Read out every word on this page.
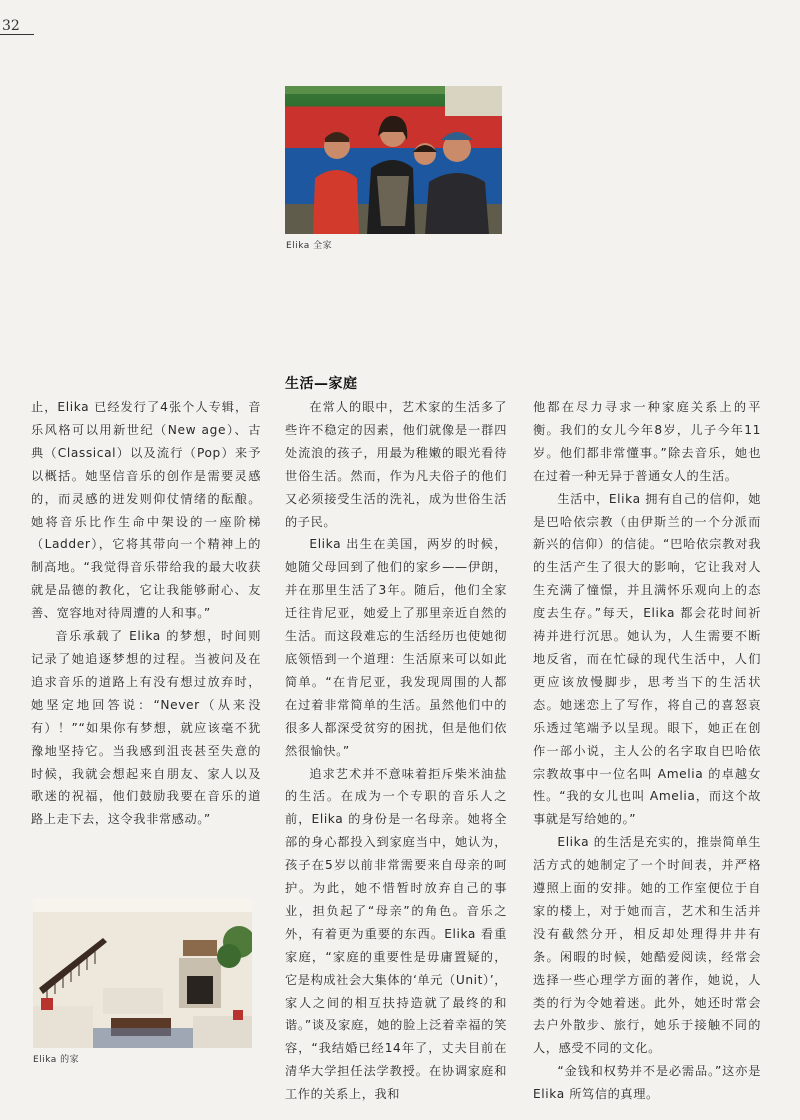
32
Elika 全家
生活—家庭

止，Elika 已经发行了4张个人专辑，音乐风格可以用新世纪（New age）、古典（Classical）以及流行（Pop）来予以概括。她坚信音乐的创作是需要灵感的，而灵感的迸发则仰仗情绪的酝酿。她将音乐比作生命中架设的一座阶梯（Ladder），它将其带向一个精神上的制高地。“我觉得音乐带给我的最大收获就是品德的教化，它让我能够耐心、友善、宽容地对待周遭的人和事。”

音乐承载了 Elika 的梦想，时间则记录了她追逐梦想的过程。当被问及在追求音乐的道路上有没有想过放弃时，她坚定地回答说：“Never（从来没有）！”“如果你有梦想，就应该毫不犹豫地坚持它。当我感到沮丧甚至失意的时候，我就会想起来自朋友、家人以及歌迷的祝福，他们鼓励我要在音乐的道路上走下去，这令我非常感动。”

在常人的眼中，艺术家的生活多了些许不稳定的因素，他们就像是一群四处流浪的孩子，用最为稚嫩的眼光看待世俗生活。然而，作为凡夫俗子的他们又必须接受生活的洗礼，成为世俗生活的子民。

Elika 出生在美国，两岁的时候，她随父母回到了他们的家乡——伊朗，并在那里生活了3年。随后，他们全家迁往肯尼亚，她爱上了那里亲近自然的生活。而这段难忘的生活经历也使她彻底领悟到一个道理：生活原来可以如此简单。“在肯尼亚，我发现周围的人都在过着非常简单的生活。虽然他们中的很多人都深受贫穷的困扰，但是他们依然很愉快。”

追求艺术并不意味着拒斥柴米油盐的生活。在成为一个专职的音乐人之前，Elika 的身份是一名母亲。她将全部的身心都投入到家庭当中，她认为，孩子在5岁以前非常需要来自母亲的呵护。为此，她不惜暂时放弃自己的事业，担负起了“母亲”的角色。音乐之外，有着更为重要的东西。Elika 看重家庭，“家庭的重要性是毋庸置疑的，它是构成社会大集体的‘单元（Unit）’，家人之间的相互扶持造就了最终的和谐。”谈及家庭，她的脸上泛着幸福的笑容，“我结婚已经14年了，丈夫目前在清华大学担任法学教授。在协调家庭和工作的关系上，我和

他都在尽力寻求一种家庭关系上的平衡。我们的女儿今年8岁，儿子今年11岁。他们都非常懂事。”除去音乐，她也在过着一种无异于普通女人的生活。

生活中，Elika 拥有自己的信仰，她是巴哈依宗教（由伊斯兰的一个分派而新兴的信仰）的信徒。“巴哈依宗教对我的生活产生了很大的影响，它让我对人生充满了憧憬，并且满怀乐观向上的态度去生存。”每天，Elika 都会花时间祈祷并进行沉思。她认为，人生需要不断地反省，而在忙碌的现代生活中，人们更应该放慢脚步，思考当下的生活状态。她迷恋上了写作，将自己的喜怒哀乐透过笔端予以呈现。眼下，她正在创作一部小说，主人公的名字取自巴哈依宗教故事中一位名叫 Amelia 的卓越女性。“我的女儿也叫 Amelia，而这个故事就是写给她的。”

Elika 的生活是充实的，推崇简单生活方式的她制定了一个时间表，并严格遵照上面的安排。她的工作室便位于自家的楼上，对于她而言，艺术和生活并没有截然分开，相反却处理得井井有条。闲暇的时候，她酷爱阅读，经常会选择一些心理学方面的著作，她说，人类的行为令她着迷。此外，她还时常会去户外散步、旅行，她乐于接触不同的人，感受不同的文化。

“金钱和权势并不是必需品。”这亦是 Elika 所笃信的真理。

Elika 的家
